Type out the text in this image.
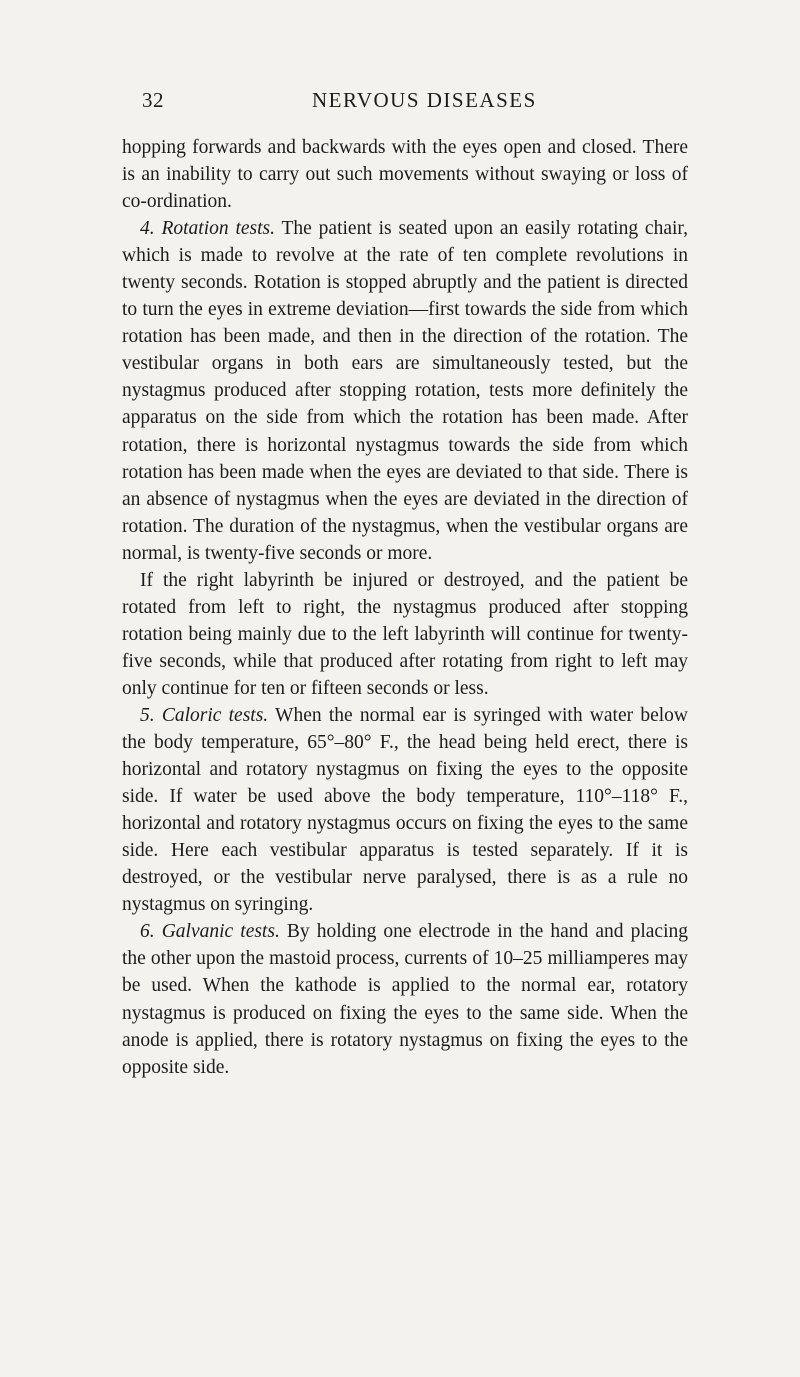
32	NERVOUS DISEASES

hopping forwards and backwards with the eyes open and closed. There is an inability to carry out such movements without swaying or loss of co-ordination.

4. Rotation tests. The patient is seated upon an easily rotating chair, which is made to revolve at the rate of ten complete revolutions in twenty seconds. Rotation is stopped abruptly and the patient is directed to turn the eyes in extreme deviation—first towards the side from which rotation has been made, and then in the direction of the rotation. The vestibular organs in both ears are simultaneously tested, but the nystagmus produced after stopping rotation, tests more definitely the apparatus on the side from which the rotation has been made. After rotation, there is horizontal nystagmus towards the side from which rotation has been made when the eyes are deviated to that side. There is an absence of nystagmus when the eyes are deviated in the direction of rotation. The duration of the nystagmus, when the vestibular organs are normal, is twenty-five seconds or more.

If the right labyrinth be injured or destroyed, and the patient be rotated from left to right, the nystagmus produced after stopping rotation being mainly due to the left labyrinth will continue for twenty-five seconds, while that produced after rotating from right to left may only continue for ten or fifteen seconds or less.

5. Caloric tests. When the normal ear is syringed with water below the body temperature, 65°–80° F., the head being held erect, there is horizontal and rotatory nystagmus on fixing the eyes to the opposite side. If water be used above the body temperature, 110°–118° F., horizontal and rotatory nystagmus occurs on fixing the eyes to the same side. Here each vestibular apparatus is tested separately. If it is destroyed, or the vestibular nerve paralysed, there is as a rule no nystagmus on syringing.

6. Galvanic tests. By holding one electrode in the hand and placing the other upon the mastoid process, currents of 10–25 milliamperes may be used. When the kathode is applied to the normal ear, rotatory nystagmus is produced on fixing the eyes to the same side. When the anode is applied, there is rotatory nystagmus on fixing the eyes to the opposite side.
